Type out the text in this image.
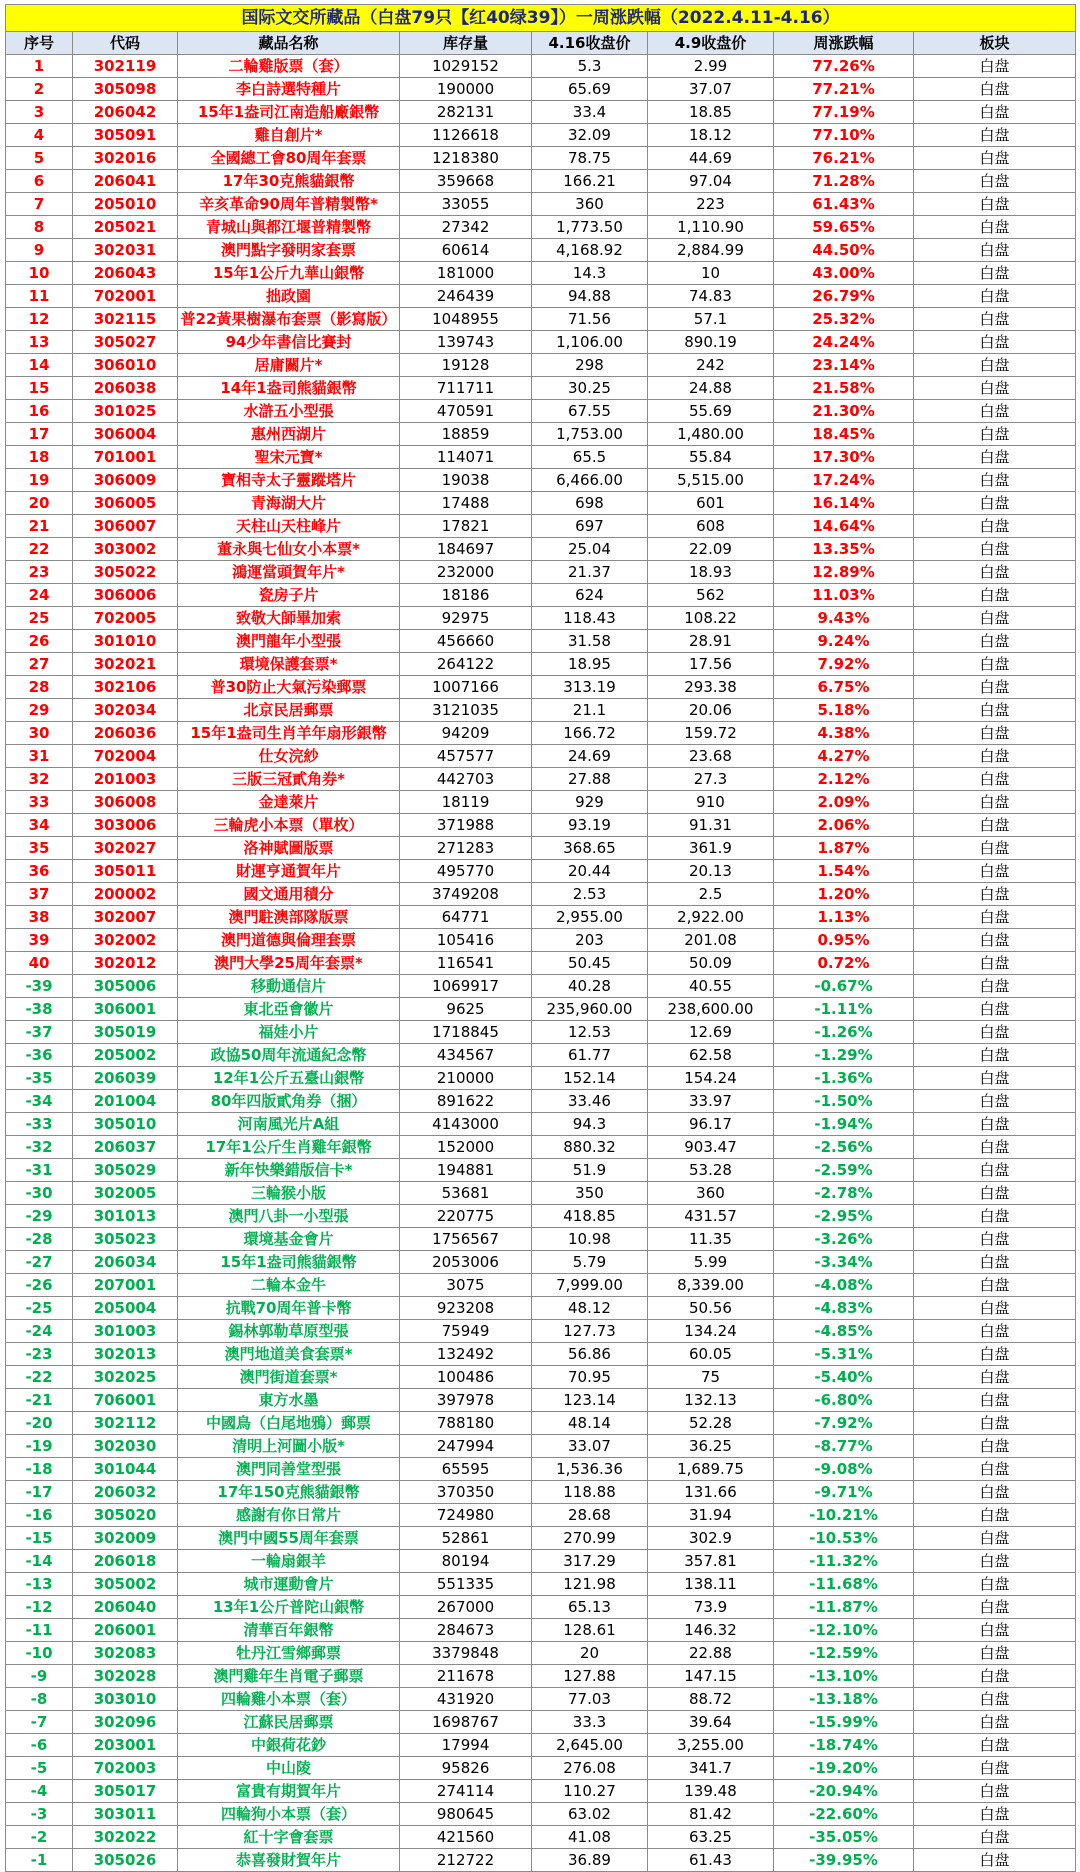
国际文交所藏品（白盘79只【红40绿39】）一周涨跌幅（2022.4.11-4.16）							
序号	代码	藏品名称	库存量	4.16收盘价	4.9收盘价	周涨跌幅	板块
1	302119	二輪雞版票（套）	1029152	5.3	2.99	77.26%	白盘
2	305098	李白詩選特種片	190000	65.69	37.07	77.21%	白盘
3	206042	15年1盎司江南造船廠銀幣	282131	33.4	18.85	77.19%	白盘
4	305091	雞自創片*	1126618	32.09	18.12	77.10%	白盘
5	302016	全國總工會80周年套票	1218380	78.75	44.69	76.21%	白盘
6	206041	17年30克熊貓銀幣	359668	166.21	97.04	71.28%	白盘
7	205010	辛亥革命90周年普精製幣*	33055	360	223	61.43%	白盘
8	205021	青城山與都江堰普精製幣	27342	1,773.50	1,110.90	59.65%	白盘
9	302031	澳門點字發明家套票	60614	4,168.92	2,884.99	44.50%	白盘
10	206043	15年1公斤九華山銀幣	181000	14.3	10	43.00%	白盘
11	702001	拙政園	246439	94.88	74.83	26.79%	白盘
12	302115	普22黃果樹瀑布套票（影寫版）	1048955	71.56	57.1	25.32%	白盘
13	305027	94少年書信比賽封	139743	1,106.00	890.19	24.24%	白盘
14	306010	居庸關片*	19128	298	242	23.14%	白盘
15	206038	14年1盎司熊貓銀幣	711711	30.25	24.88	21.58%	白盘
16	301025	水滸五小型張	470591	67.55	55.69	21.30%	白盘
17	306004	惠州西湖片	18859	1,753.00	1,480.00	18.45%	白盘
18	701001	聖宋元寶*	114071	65.5	55.84	17.30%	白盘
19	306009	寶相寺太子靈蹤塔片	19038	6,466.00	5,515.00	17.24%	白盘
20	306005	青海湖大片	17488	698	601	16.14%	白盘
21	306007	天柱山天柱峰片	17821	697	608	14.64%	白盘
22	303002	董永與七仙女小本票*	184697	25.04	22.09	13.35%	白盘
23	305022	鴻運當頭賀年片*	232000	21.37	18.93	12.89%	白盘
24	306006	瓷房子片	18186	624	562	11.03%	白盘
25	702005	致敬大師畢加索	92975	118.43	108.22	9.43%	白盘
26	301010	澳門龍年小型張	456660	31.58	28.91	9.24%	白盘
27	302021	環境保護套票*	264122	18.95	17.56	7.92%	白盘
28	302106	普30防止大氣污染郵票	1007166	313.19	293.38	6.75%	白盘
29	302034	北京民居郵票	3121035	21.1	20.06	5.18%	白盘
30	206036	15年1盎司生肖羊年扇形銀幣	94209	166.72	159.72	4.38%	白盘
31	702004	仕女浣紗	457577	24.69	23.68	4.27%	白盘
32	201003	三版三冠貳角券*	442703	27.88	27.3	2.12%	白盘
33	306008	金達萊片	18119	929	910	2.09%	白盘
34	303006	三輪虎小本票（單枚）	371988	93.19	91.31	2.06%	白盘
35	302027	洛神賦圖版票	271283	368.65	361.9	1.87%	白盘
36	305011	財運亨通賀年片	495770	20.44	20.13	1.54%	白盘
37	200002	國文通用積分	3749208	2.53	2.5	1.20%	白盘
38	302007	澳門駐澳部隊版票	64771	2,955.00	2,922.00	1.13%	白盘
39	302002	澳門道德與倫理套票	105416	203	201.08	0.95%	白盘
40	302012	澳門大學25周年套票*	116541	50.45	50.09	0.72%	白盘
-39	305006	移動通信片	1069917	40.28	40.55	-0.67%	白盘
-38	306001	東北亞會徽片	9625	235,960.00	238,600.00	-1.11%	白盘
-37	305019	福娃小片	1718845	12.53	12.69	-1.26%	白盘
-36	205002	政協50周年流通紀念幣	434567	61.77	62.58	-1.29%	白盘
-35	206039	12年1公斤五臺山銀幣	210000	152.14	154.24	-1.36%	白盘
-34	201004	80年四版貳角券（捆）	891622	33.46	33.97	-1.50%	白盘
-33	305010	河南風光片A組	4143000	94.3	96.17	-1.94%	白盘
-32	206037	17年1公斤生肖雞年銀幣	152000	880.32	903.47	-2.56%	白盘
-31	305029	新年快樂錯版信卡*	194881	51.9	53.28	-2.59%	白盘
-30	302005	三輪猴小版	53681	350	360	-2.78%	白盘
-29	301013	澳門八卦一小型張	220775	418.85	431.57	-2.95%	白盘
-28	305023	環境基金會片	1756567	10.98	11.35	-3.26%	白盘
-27	206034	15年1盎司熊貓銀幣	2053006	5.79	5.99	-3.34%	白盘
-26	207001	二輪本金牛	3075	7,999.00	8,339.00	-4.08%	白盘
-25	205004	抗戰70周年普卡幣	923208	48.12	50.56	-4.83%	白盘
-24	301003	錫林郭勒草原型張	75949	127.73	134.24	-4.85%	白盘
-23	302013	澳門地道美食套票*	132492	56.86	60.05	-5.31%	白盘
-22	302025	澳門街道套票*	100486	70.95	75	-5.40%	白盘
-21	706001	東方水墨	397978	123.14	132.13	-6.80%	白盘
-20	302112	中國鳥（白尾地鴉）郵票	788180	48.14	52.28	-7.92%	白盘
-19	302030	清明上河圖小版*	247994	33.07	36.25	-8.77%	白盘
-18	301044	澳門同善堂型張	65595	1,536.36	1,689.75	-9.08%	白盘
-17	206032	17年150克熊貓銀幣	370350	118.88	131.66	-9.71%	白盘
-16	305020	感謝有你日常片	724980	28.68	31.94	-10.21%	白盘
-15	302009	澳門中國55周年套票	52861	270.99	302.9	-10.53%	白盘
-14	206018	一輪扇銀羊	80194	317.29	357.81	-11.32%	白盘
-13	305002	城市運動會片	551335	121.98	138.11	-11.68%	白盘
-12	206040	13年1公斤普陀山銀幣	267000	65.13	73.9	-11.87%	白盘
-11	206001	清華百年銀幣	284673	128.61	146.32	-12.10%	白盘
-10	302083	牡丹江雪鄉郵票	3379848	20	22.88	-12.59%	白盘
-9	302028	澳門雞年生肖電子郵票	211678	127.88	147.15	-13.10%	白盘
-8	303010	四輪雞小本票（套）	431920	77.03	88.72	-13.18%	白盘
-7	302096	江蘇民居郵票	1698767	33.3	39.64	-15.99%	白盘
-6	203001	中銀荷花鈔	17994	2,645.00	3,255.00	-18.74%	白盘
-5	702003	中山陵	95826	276.08	341.7	-19.20%	白盘
-4	305017	富貴有期賀年片	274114	110.27	139.48	-20.94%	白盘
-3	303011	四輪狗小本票（套）	980645	63.02	81.42	-22.60%	白盘
-2	302022	紅十字會套票	421560	41.08	63.25	-35.05%	白盘
-1	305026	恭喜發財賀年片	212722	36.89	61.43	-39.95%	白盘
